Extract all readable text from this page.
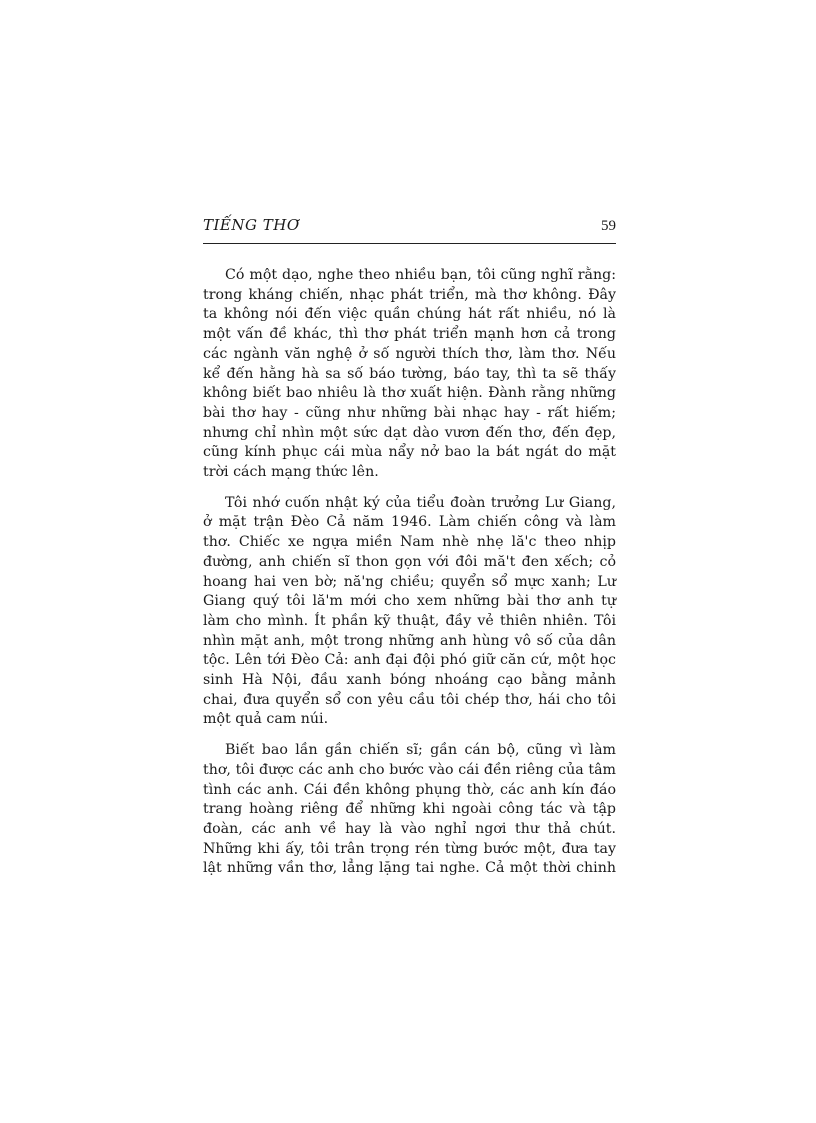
TIẾNG THƠ	59

Có một dạo, nghe theo nhiều bạn, tôi cũng nghĩ rằng:
trong kháng chiến, nhạc phát triển, mà thơ không. Đây
ta không nói đến việc quần chúng hát rất nhiều, nó là
một vấn đề khác, thì thơ phát triển mạnh hơn cả trong
các ngành văn nghệ ở số người thích thơ, làm thơ. Nếu
kể đến hằng hà sa số báo tường, báo tay, thì ta sẽ thấy
không biết bao nhiêu là thơ xuất hiện. Đành rằng những
bài thơ hay - cũng như những bài nhạc hay - rất hiếm;
nhưng chỉ nhìn một sức dạt dào vươn đến thơ, đến đẹp,
cũng kính phục cái mùa nẩy nở bao la bát ngát do mặt
trời cách mạng thức lên.

Tôi nhớ cuốn nhật ký của tiểu đoàn trưởng Lư Giang,
ở mặt trận Đèo Cả năm 1946. Làm chiến công và làm
thơ. Chiếc xe ngựa miền Nam nhè nhẹ lă'c theo nhịp
đường, anh chiến sĩ thon gọn với đôi mă't đen xếch; cỏ
hoang hai ven bờ; nă'ng chiều; quyển sổ mực xanh; Lư
Giang quý tôi lă'm mới cho xem những bài thơ anh tự
làm cho mình. Ít phần kỹ thuật, đầy vẻ thiên nhiên. Tôi
nhìn mặt anh, một trong những anh hùng vô số của dân
tộc. Lên tới Đèo Cả: anh đại đội phó giữ căn cứ, một học
sinh Hà Nội, đầu xanh bóng nhoáng cạo bằng mảnh
chai, đưa quyển sổ con yêu cầu tôi chép thơ, hái cho tôi
một quả cam núi.

Biết bao lần gần chiến sĩ; gần cán bộ, cũng vì làm
thơ, tôi được các anh cho bước vào cái đền riêng của tâm
tình các anh. Cái đền không phụng thờ, các anh kín đáo
trang hoàng riêng để những khi ngoài công tác và tập
đoàn, các anh về hay là vào nghỉ ngơi thư thả chút.
Những khi ấy, tôi trân trọng rén từng bước một, đưa tay
lật những vần thơ, lẳng lặng tai nghe. Cả một thời chinh
